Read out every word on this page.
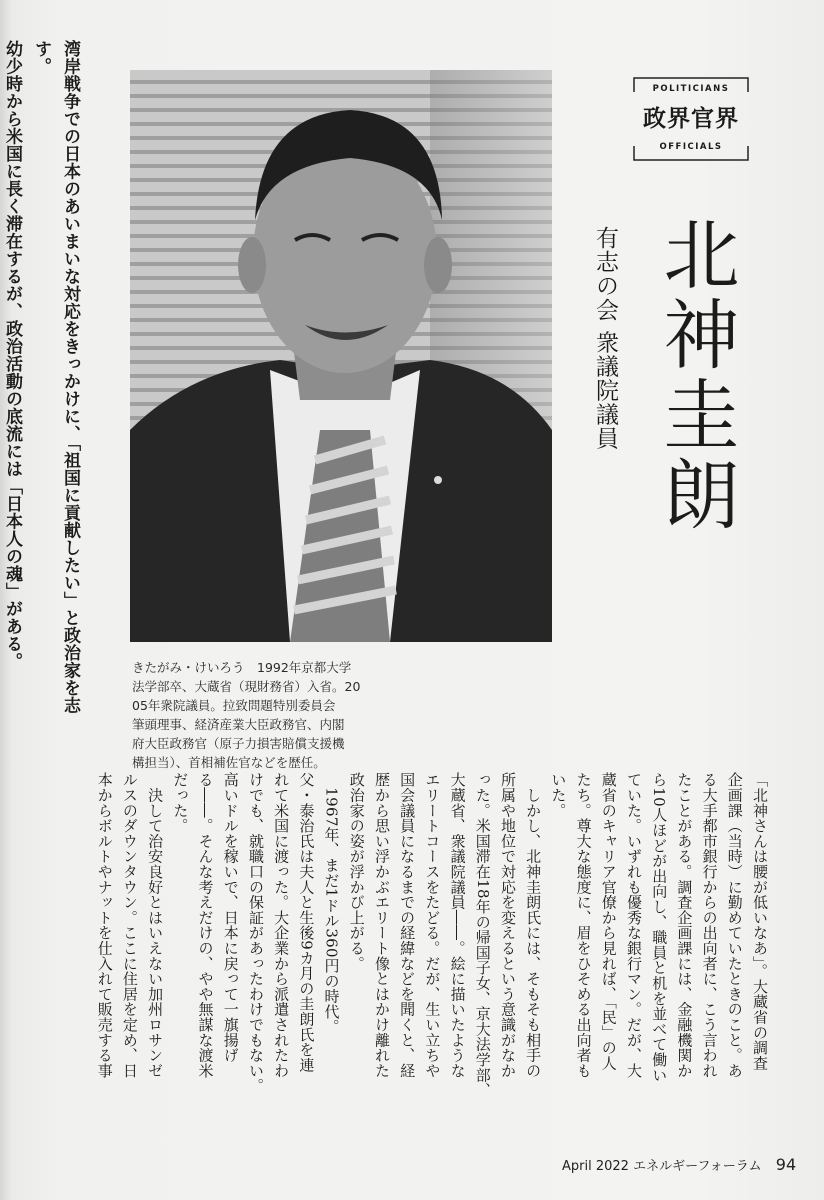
湾岸戦争での日本のあいまいな対応をきっかけに、「祖国に貢献したい」と政治家を志す。
幼少時から米国に長く滞在するが、政治活動の底流には「日本人の魂」がある。	きたがみ・けいろう　1992年京都大学
法学部卒、大蔵省（現財務省）入省。20
05年衆院議員。拉致問題特別委員会
筆頭理事、経済産業大臣政務官、内閣
府大臣政務官（原子力損害賠償支援機
構担当）、首相補佐官などを歴任。
POLITICIANS
政界官界
OFFICIALS
北神圭朗
有志の会 衆議院議員
「北神さんは腰が低いなあ」。大蔵省の調査
企画課（当時）に勤めていたときのこと。あ
る大手都市銀行からの出向者に、こう言われ
たことがある。調査企画課には、金融機関か
ら10人ほどが出向し、職員と机を並べて働い
ていた。いずれも優秀な銀行マン。だが、大
蔵省のキャリア官僚から見れば、「民」の人
たち。尊大な態度に、眉をひそめる出向者も
いた。
　しかし、北神圭朗氏には、そもそも相手の
所属や地位で対応を変えるという意識がなか
った。米国滞在18年の帰国子女、京大法学部、
大蔵省、衆議院議員――。絵に描いたような
エリートコースをたどる。だが、生い立ちや
国会議員になるまでの経緯などを聞くと、経
歴から思い浮かぶエリート像とはかけ離れた
政治家の姿が浮かび上がる。
　1967年、まだ1ドル360円の時代。
父・泰治氏は夫人と生後9カ月の圭朗氏を連
れて米国に渡った。大企業から派遣されたわ
けでも、就職口の保証があったわけでもない。
高いドルを稼いで、日本に戻って一旗揚げ
る――。そんな考えだけの、やや無謀な渡米
だった。
　決して治安良好とはいえない加州ロサンゼ
ルスのダウンタウン。ここに住居を定め、日
本からボルトやナットを仕入れて販売する事
April 2022 エネルギーフォーラム 94
